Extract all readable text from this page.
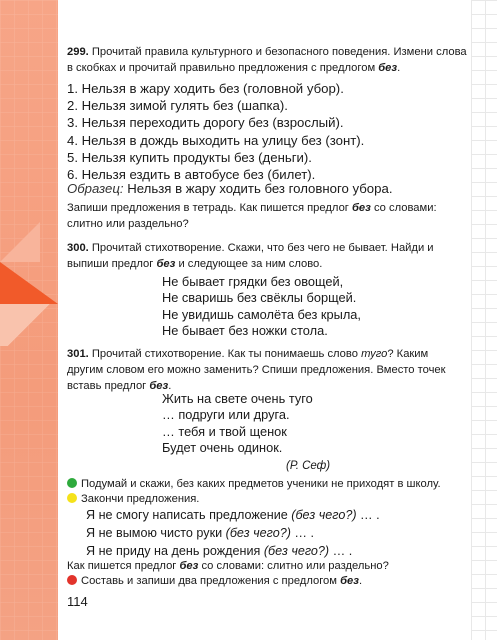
299. Прочитай правила культурного и безопасного поведения. Измени слова в скобках и прочитай правильно предложения с предлогом без.
1. Нельзя в жару ходить без (головной убор).
2. Нельзя зимой гулять без (шапка).
3. Нельзя переходить дорогу без (взрослый).
4. Нельзя в дождь выходить на улицу без (зонт).
5. Нельзя купить продукты без (деньги).
6. Нельзя ездить в автобусе без (билет).
Образец: Нельзя в жару ходить без головного убора.
Запиши предложения в тетрадь. Как пишется предлог без со словами: слитно или раздельно?
300. Прочитай стихотворение. Скажи, что без чего не бывает. Найди и выпиши предлог без и следующее за ним слово.
Не бывает грядки без овощей,
Не сваришь без свёклы борщей.
Не увидишь самолёта без крыла,
Не бывает без ножки стола.
301. Прочитай стихотворение. Как ты понимаешь слово туго? Каким другим словом его можно заменить? Спиши предложения. Вместо точек вставь предлог без.
Жить на свете очень туго
… подруги или друга.
… тебя и твой щенок
Будет очень одинок.
(Р. Сеф)
Подумай и скажи, без каких предметов ученики не приходят в школу.
Закончи предложения.
Я не смогу написать предложение (без чего?) … .
Я не вымою чисто руки (без чего?) … .
Я не приду на день рождения (без чего?) … .
Как пишется предлог без со словами: слитно или раздельно?
Составь и запиши два предложения с предлогом без.
114
